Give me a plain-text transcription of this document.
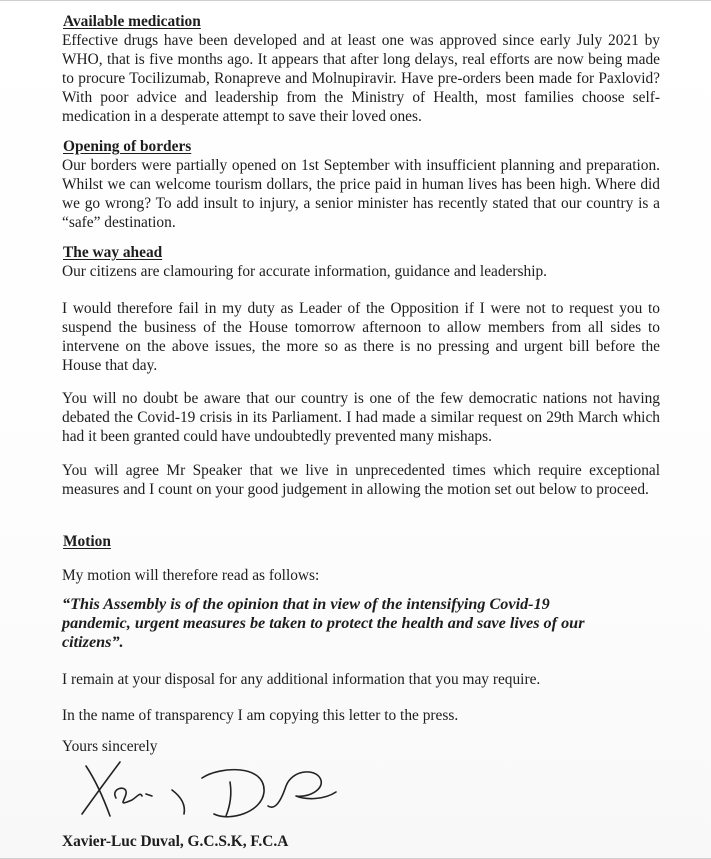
Available medication

Effective drugs have been developed and at least one was approved since early July 2021 by WHO, that is five months ago. It appears that after long delays, real efforts are now being made to procure Tocilizumab, Ronapreve and Molnupiravir. Have pre-orders been made for Paxlovid? With poor advice and leadership from the Ministry of Health, most families choose self-medication in a desperate attempt to save their loved ones.

Opening of borders

Our borders were partially opened on 1st September with insufficient planning and preparation. Whilst we can welcome tourism dollars, the price paid in human lives has been high. Where did we go wrong? To add insult to injury, a senior minister has recently stated that our country is a “safe” destination.

The way ahead

Our citizens are clamouring for accurate information, guidance and leadership.

I would therefore fail in my duty as Leader of the Opposition if I were not to request you to suspend the business of the House tomorrow afternoon to allow members from all sides to intervene on the above issues, the more so as there is no pressing and urgent bill before the House that day.

You will no doubt be aware that our country is one of the few democratic nations not having debated the Covid-19 crisis in its Parliament. I had made a similar request on 29th March which had it been granted could have undoubtedly prevented many mishaps.

You will agree Mr Speaker that we live in unprecedented times which require exceptional measures and I count on your good judgement in allowing the motion set out below to proceed.

Motion

My motion will therefore read as follows:

“This Assembly is of the opinion that in view of the intensifying Covid-19 pandemic, urgent measures be taken to protect the health and save lives of our citizens”.

I remain at your disposal for any additional information that you may require.

In the name of transparency I am copying this letter to the press.

Yours sincerely

Xavier-Luc Duval, G.C.S.K, F.C.A
